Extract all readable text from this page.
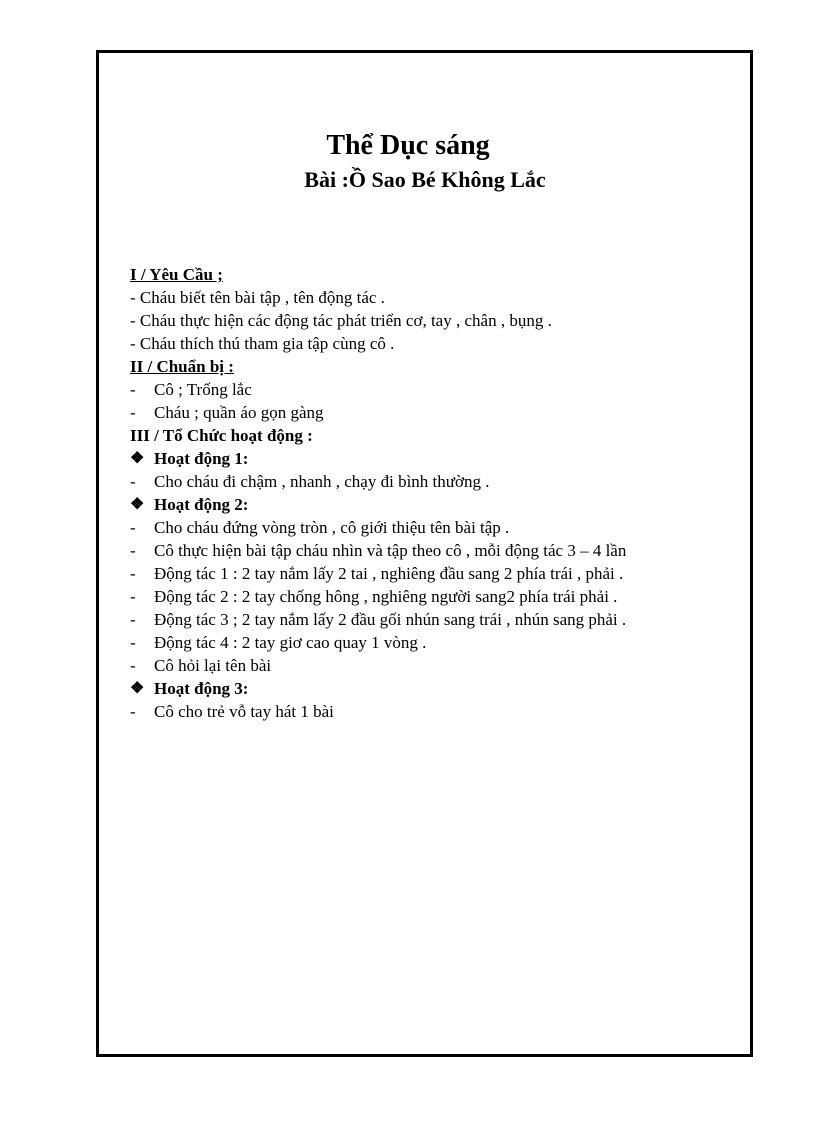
Thể Dục sáng
Bài :Ồ Sao Bé Không Lắc
I / Yêu Cầu ;
- Cháu biết tên bài tập , tên động tác .
- Cháu thực hiện các động tác phát triển cơ, tay , chân , bụng .
- Cháu thích thú tham gia tập cùng cô .
II / Chuẩn bị :
-	Cô ; Trống lắc
-	Cháu ; quần áo gọn gàng
III / Tổ Chức hoạt động :
❖ Hoạt động 1:
-	Cho cháu đi chậm , nhanh , chạy đi bình thường .
❖ Hoạt động 2:
-	Cho cháu đứng vòng tròn , cô giới thiệu tên bài tập .
-	Cô thực hiện bài tập cháu nhìn và tập theo cô , mỗi động tác 3 – 4 lần
-	Động tác 1 : 2 tay nắm lấy 2 tai , nghiêng đầu sang 2 phía trái , phải .
-	Động tác 2 : 2 tay chống hông , nghiêng người sang2 phía trái phải .
-	Động tác 3 ; 2 tay nắm lấy 2 đầu gối nhún sang trái , nhún sang phải .
-	Động tác 4 : 2 tay giơ cao quay 1 vòng .
-	Cô hỏi lại tên bài
❖ Hoạt động 3:
-	Cô cho trẻ vỗ tay hát 1 bài
